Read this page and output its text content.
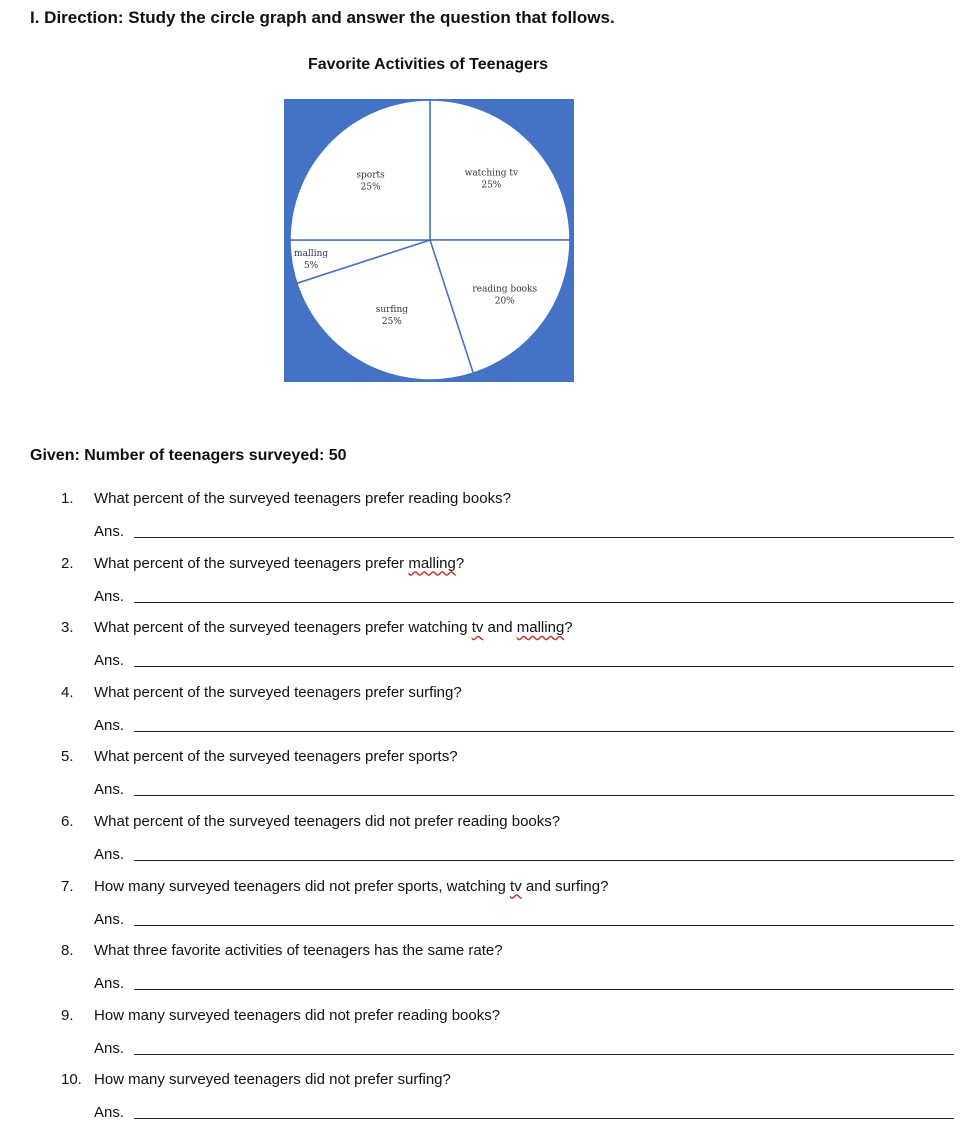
I. Direction: Study the circle graph and answer the question that follows.
Favorite Activities of Teenagers
watching tv
25%
reading books
20%
surfing
25%
malling
5%
sports
25%
Given: Number of teenagers surveyed: 50
1. What percent of the surveyed teenagers prefer reading books?
Ans.
2. What percent of the surveyed teenagers prefer malling?
Ans.
3. What percent of the surveyed teenagers prefer watching tv and malling?
Ans.
4. What percent of the surveyed teenagers prefer surfing?
Ans.
5. What percent of the surveyed teenagers prefer sports?
Ans.
6. What percent of the surveyed teenagers did not prefer reading books?
Ans.
7. How many surveyed teenagers did not prefer sports, watching tv and surfing?
Ans.
8. What three favorite activities of teenagers has the same rate?
Ans.
9. How many surveyed teenagers did not prefer reading books?
Ans.
10. How many surveyed teenagers did not prefer surfing?
Ans.
